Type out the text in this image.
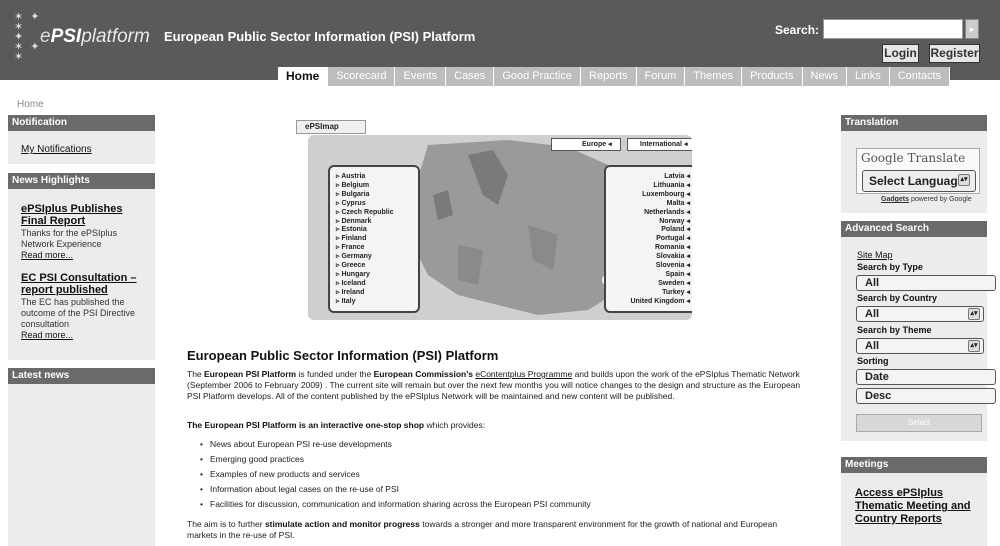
✶ ✦ ✶
✦
✶ ✦ ✶
ePSIplatform European Public Sector Information (PSI) Platform	Search:	▸
Login Register
Home	Scorecard	Events	Cases	Good Practice	Reports	Forum	Themes	Products	News	Links	Contacts
Home
Notification
My Notifications
News Highlights
ePSIplus Publishes Final Report
Thanks for the ePSIplus Network Experience
Read more...
EC PSI Consultation – report published
The EC has published the outcome of the PSI Directive consultation
Read more...
Latest news
ePSImap
Europe ◂	International ◂
▹ Austria
▹ Belgium
▹ Bulgaria
▹ Cyprus
▹ Czech Republic
▹ Denmark
▹ Estonia
▹ Finland
▹ France
▹ Germany
▹ Greece
▹ Hungary
▹ Iceland
▹ Ireland
▹ Italy
Latvia ◂
Lithuania ◂
Luxembourg ◂
Malta ◂
Netherlands ◂
Norway ◂
Poland ◂
Portugal ◂
Romania ◂
Slovakia ◂
Slovenia ◂
Spain ◂
Sweden ◂
Turkey ◂
United Kingdom ◂
European Public Sector Information (PSI) Platform
The European PSI Platform is funded under the European Commission's eContentplus Programme and builds upon the work of the ePSIplus Thematic Network (September 2006 to February 2009) . The current site will remain but over the next few months you will notice changes to the design and structure as the European PSI Platform develops. All of the content published by the ePSIplus Network will be maintained and new content will be published.
The European PSI Platform is an interactive one-stop shop which provides:
• News about European PSI re-use developments
• Emerging good practices
• Examples of new products and services
• Information about legal cases on the re-use of PSI
• Facilities for discussion, communication and information sharing across the European PSI community
The aim is to further stimulate action and monitor progress towards a stronger and more transparent environment for the growth of national and European markets in the re-use of PSI.
Translation
Google Translate
Select Languag ▴▾
Gadgets powered by Google
Advanced Search
Site Map
Search by Type
All
Search by Country
All	▴▾
Search by Theme
All	▴▾
Sorting
Date
Desc
Select
Meetings
Access ePSIplus Thematic Meeting and Country Reports
